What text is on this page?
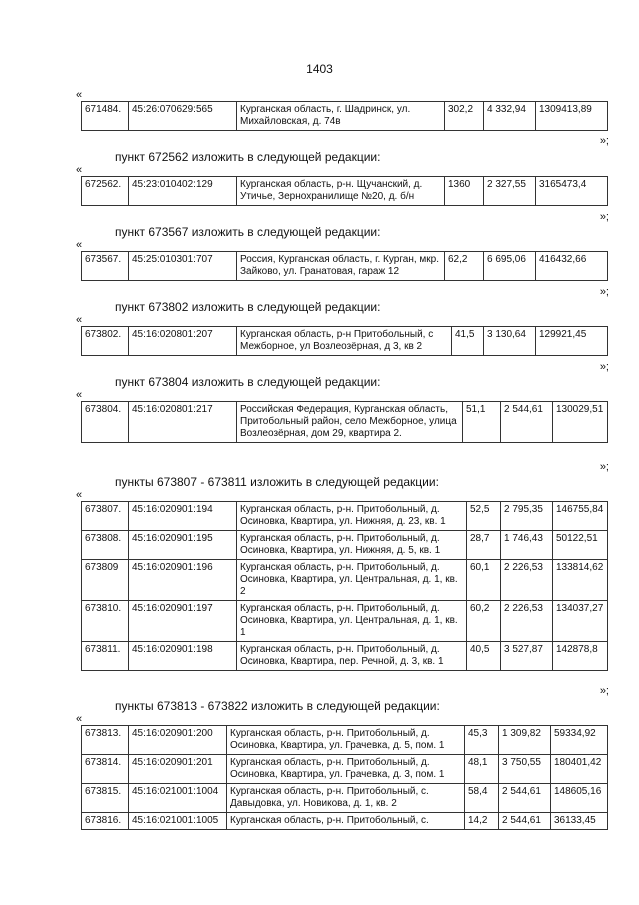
1403
«
671484.	45:26:070629:565	Курганская область, г. Шадринск, ул. Михайловская, д. 74в	302,2	4 332,94	1309413,89
»;
пункт 672562 изложить в следующей редакции:
«
672562.	45:23:010402:129	Курганская область, р-н. Щучанский, д. Утичье, Зернохранилище №20, д. б/н	1360	2 327,55	3165473,4
»;
пункт 673567 изложить в следующей редакции:
«
673567.	45:25:010301:707	Россия, Курганская область, г. Курган, мкр. Зайково, ул. Гранатовая, гараж 12	62,2	6 695,06	416432,66
»;
пункт 673802 изложить в следующей редакции:
«
673802.	45:16:020801:207	Курганская область, р-н Притобольный, с Межборное, ул Возлеозёрная, д 3, кв 2	41,5	3 130,64	129921,45
»;
пункт 673804 изложить в следующей редакции:
«
673804.	45:16:020801:217	Российская Федерация, Курганская область, Притобольный район, село Межборное, улица Возлеозёрная, дом 29, квартира 2.	51,1	2 544,61	130029,51
»;
пункты 673807 - 673811 изложить в следующей редакции:
«
673807.	45:16:020901:194	Курганская область, р-н. Притобольный, д. Осиновка, Квартира, ул. Нижняя, д. 23, кв. 1	52,5	2 795,35	146755,84
673808.	45:16:020901:195	Курганская область, р-н. Притобольный, д. Осиновка, Квартира, ул. Нижняя, д. 5, кв. 1	28,7	1 746,43	50122,51
673809	45:16:020901:196	Курганская область, р-н. Притобольный, д. Осиновка, Квартира, ул. Центральная, д. 1, кв. 2	60,1	2 226,53	133814,62
673810.	45:16:020901:197	Курганская область, р-н. Притобольный, д. Осиновка, Квартира, ул. Центральная, д. 1, кв. 1	60,2	2 226,53	134037,27
673811.	45:16:020901:198	Курганская область, р-н. Притобольный, д. Осиновка, Квартира, пер. Речной, д. 3, кв. 1	40,5	3 527,87	142878,8
»;
пункты 673813 - 673822 изложить в следующей редакции:
«
673813.	45:16:020901:200	Курганская область, р-н. Притобольный, д. Осиновка, Квартира, ул. Грачевка, д. 5, пом. 1	45,3	1 309,82	59334,92
673814.	45:16:020901:201	Курганская область, р-н. Притобольный, д. Осиновка, Квартира, ул. Грачевка, д. 3, пом. 1	48,1	3 750,55	180401,42
673815.	45:16:021001:1004	Курганская область, р-н. Притобольный, с. Давыдовка, ул. Новикова, д. 1, кв. 2	58,4	2 544,61	148605,16
673816.	45:16:021001:1005	Курганская область, р-н. Притобольный, с.	14,2	2 544,61	36133,45
